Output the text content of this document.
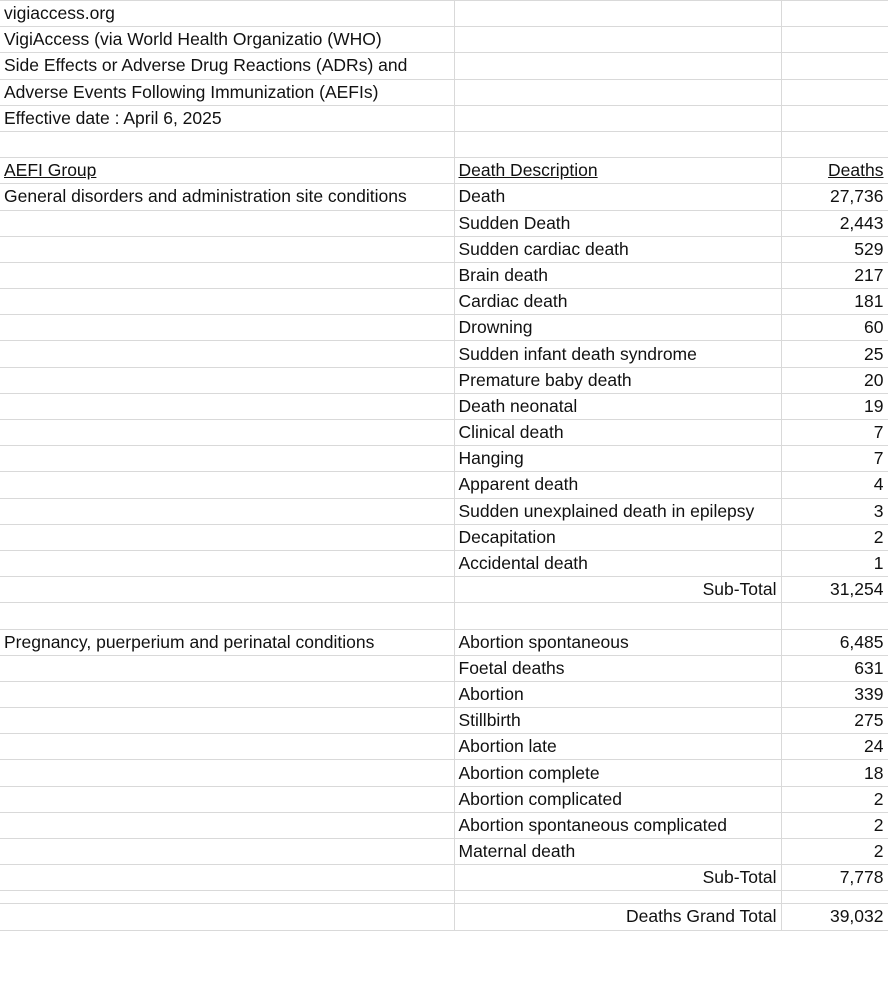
vigiaccess.org		
VigiAccess (via World Health Organizatio (WHO)		
Side Effects or Adverse Drug Reactions (ADRs) and		
Adverse Events Following Immunization (AEFIs)		
Effective date : April 6, 2025		

AEFI Group	Death Description	Deaths
General disorders and administration site conditions	Death	27,736
	Sudden Death	2,443
	Sudden cardiac death	529
	Brain death	217
	Cardiac death	181
	Drowning	60
	Sudden infant death syndrome	25
	Premature baby death	20
	Death neonatal	19
	Clinical death	7
	Hanging	7
	Apparent death	4
	Sudden unexplained death in epilepsy	3
	Decapitation	2
	Accidental death	1
	Sub-Total	31,254

Pregnancy, puerperium and perinatal conditions	Abortion spontaneous	6,485
	Foetal deaths	631
	Abortion	339
	Stillbirth	275
	Abortion late	24
	Abortion complete	18
	Abortion complicated	2
	Abortion spontaneous complicated	2
	Maternal death	2
	Sub-Total	7,778

	Deaths Grand Total	39,032
